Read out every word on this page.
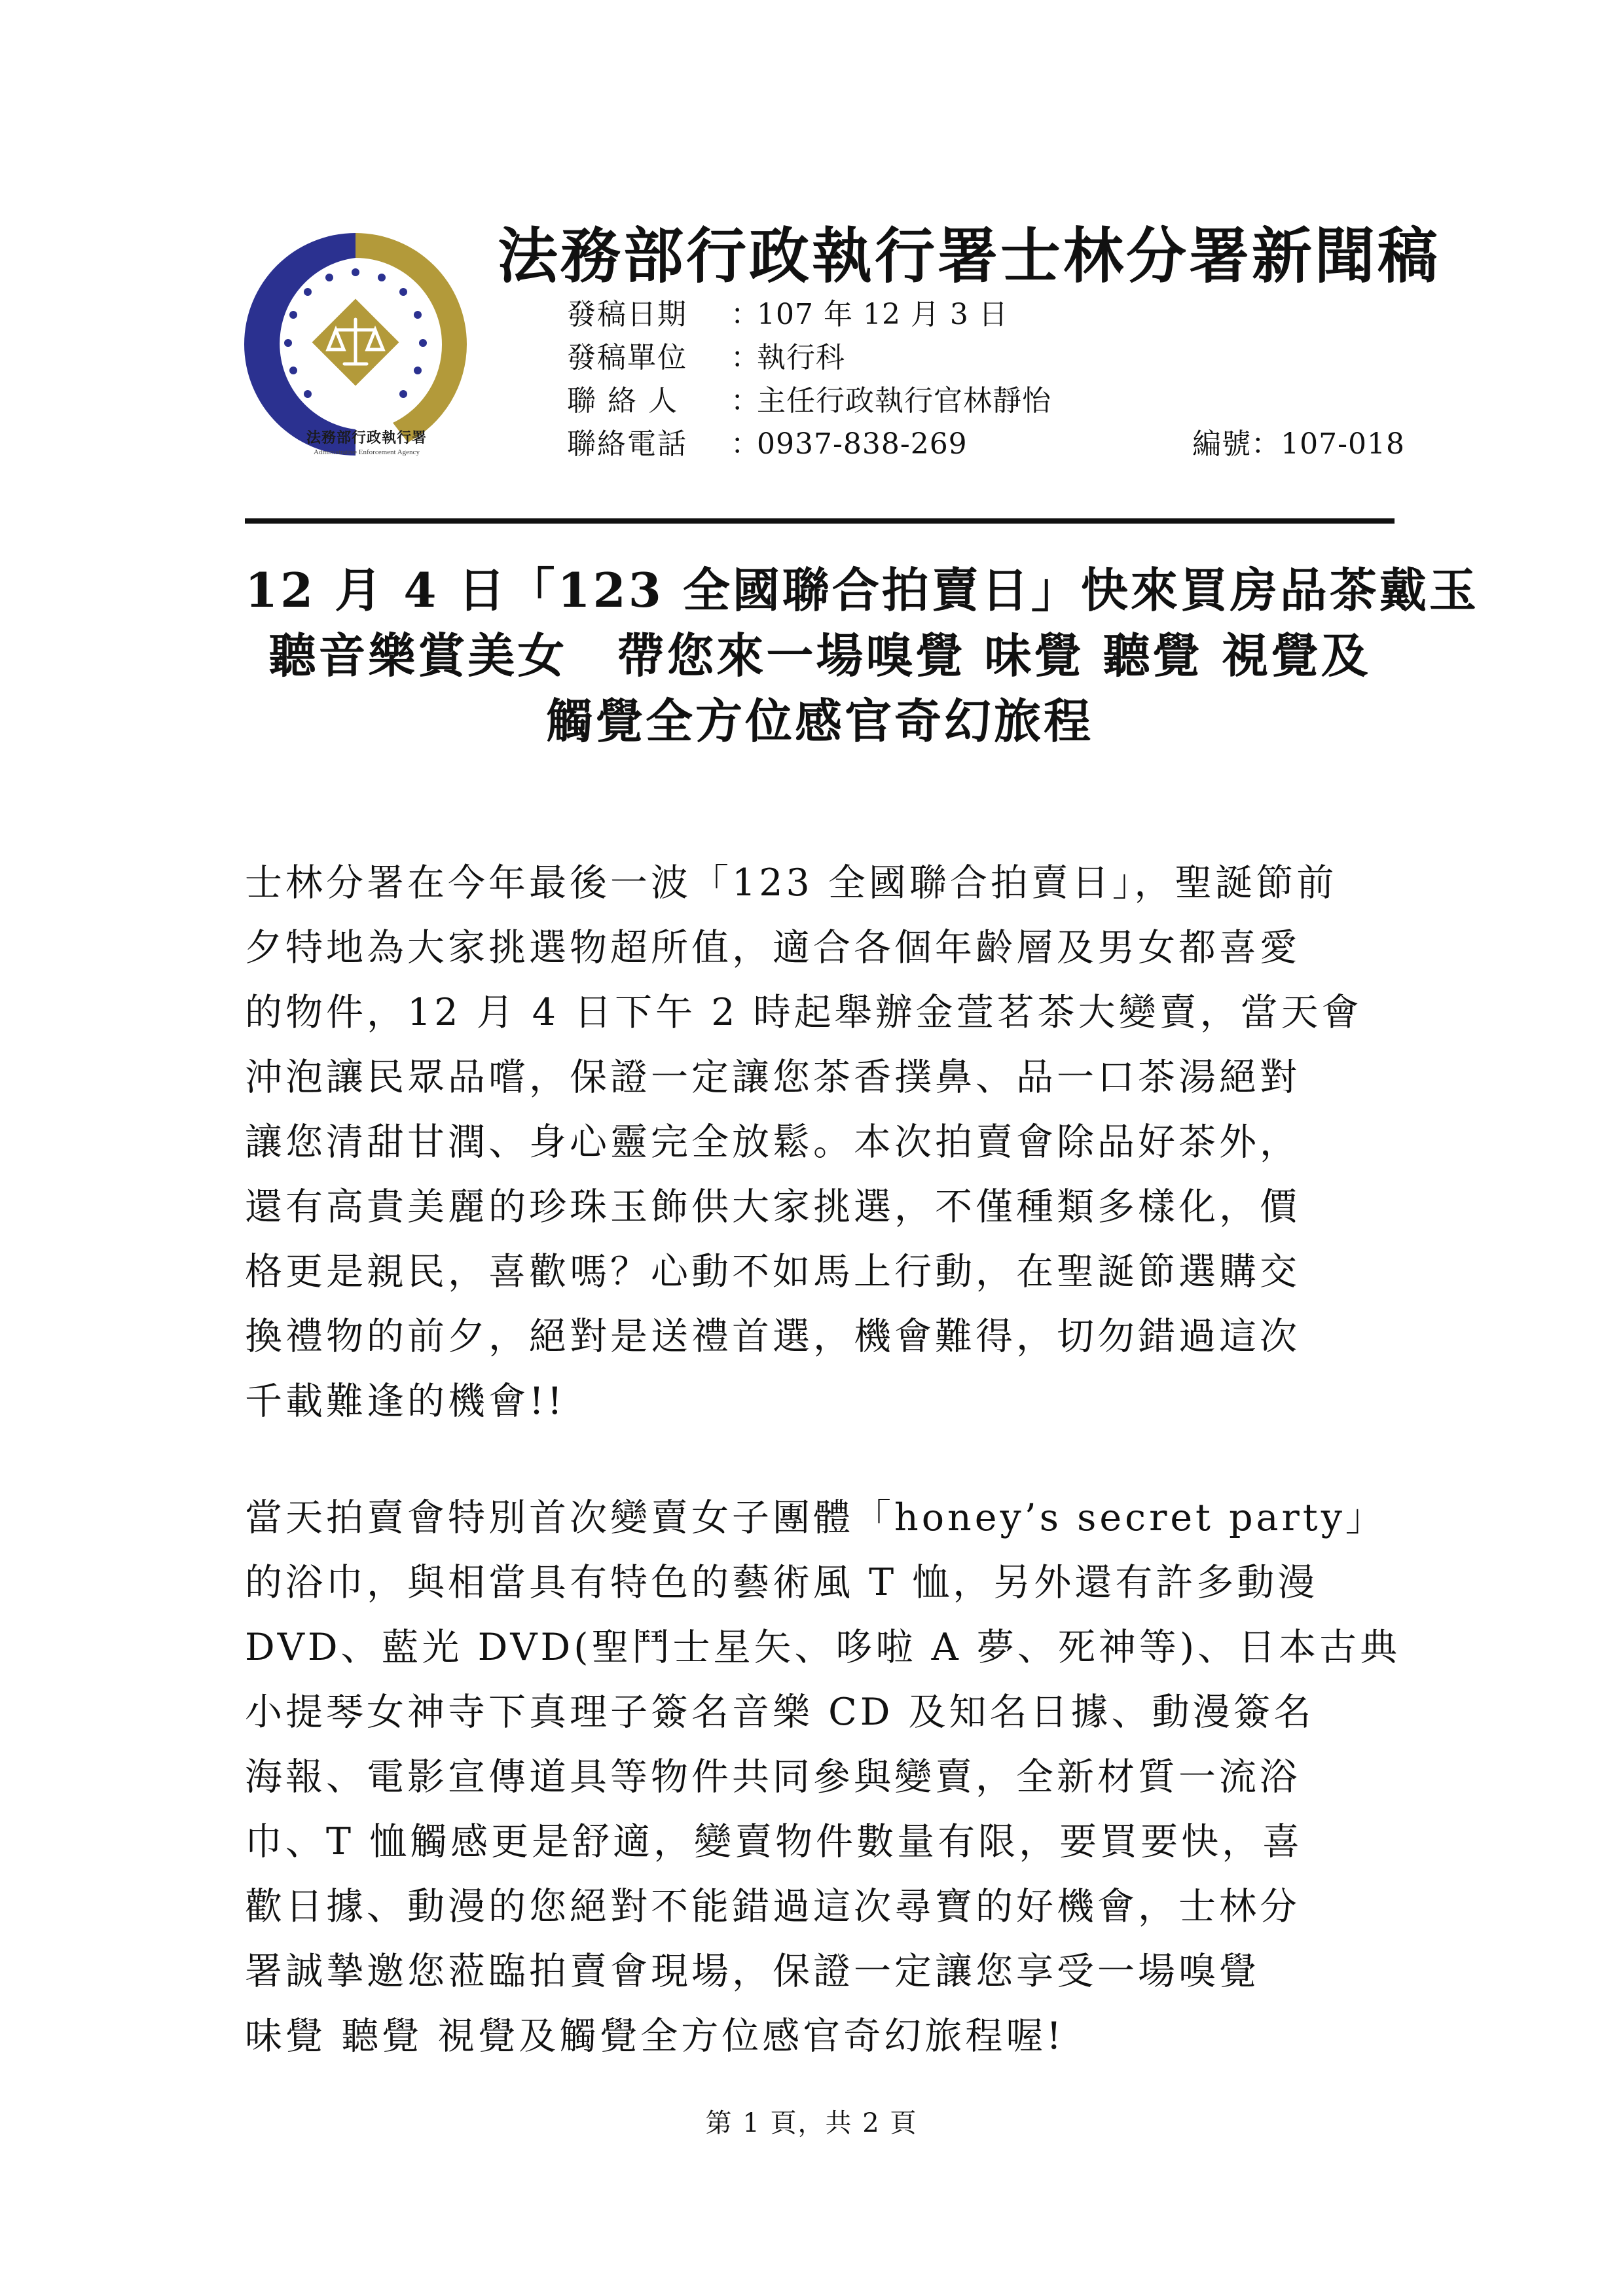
法務部行政執行署
Administrative Enforcement Agency
法務部行政執行署士林分署新聞稿
發稿日期 ：107 年 12 月 3 日
發稿單位 ：執行科
聯 絡 人 ：主任行政執行官林靜怡
聯絡電話 ：0937-838-269	編號：107-018
12 月 4 日「123 全國聯合拍賣日」快來買房品茶戴玉
聽音樂賞美女　帶您來一場嗅覺 味覺 聽覺 視覺及
觸覺全方位感官奇幻旅程
士林分署在今年最後一波「123 全國聯合拍賣日」，聖誕節前
夕特地為大家挑選物超所值，適合各個年齡層及男女都喜愛
的物件，12 月 4 日下午 2 時起舉辦金萱茗茶大變賣，當天會
沖泡讓民眾品嚐，保證一定讓您茶香撲鼻、品一口茶湯絕對
讓您清甜甘潤、身心靈完全放鬆。本次拍賣會除品好茶外，
還有高貴美麗的珍珠玉飾供大家挑選，不僅種類多樣化，價
格更是親民，喜歡嗎？心動不如馬上行動，在聖誕節選購交
換禮物的前夕，絕對是送禮首選，機會難得，切勿錯過這次
千載難逢的機會!!
當天拍賣會特別首次變賣女子團體「honey’s secret party」
的浴巾，與相當具有特色的藝術風 T 恤，另外還有許多動漫
DVD、藍光 DVD(聖鬥士星矢、哆啦 A 夢、死神等)、日本古典
小提琴女神寺下真理子簽名音樂 CD 及知名日據、動漫簽名
海報、電影宣傳道具等物件共同參與變賣，全新材質一流浴
巾、T 恤觸感更是舒適，變賣物件數量有限，要買要快，喜
歡日據、動漫的您絕對不能錯過這次尋寶的好機會，士林分
署誠摯邀您蒞臨拍賣會現場，保證一定讓您享受一場嗅覺
味覺 聽覺 視覺及觸覺全方位感官奇幻旅程喔!
第 1 頁，共 2 頁
